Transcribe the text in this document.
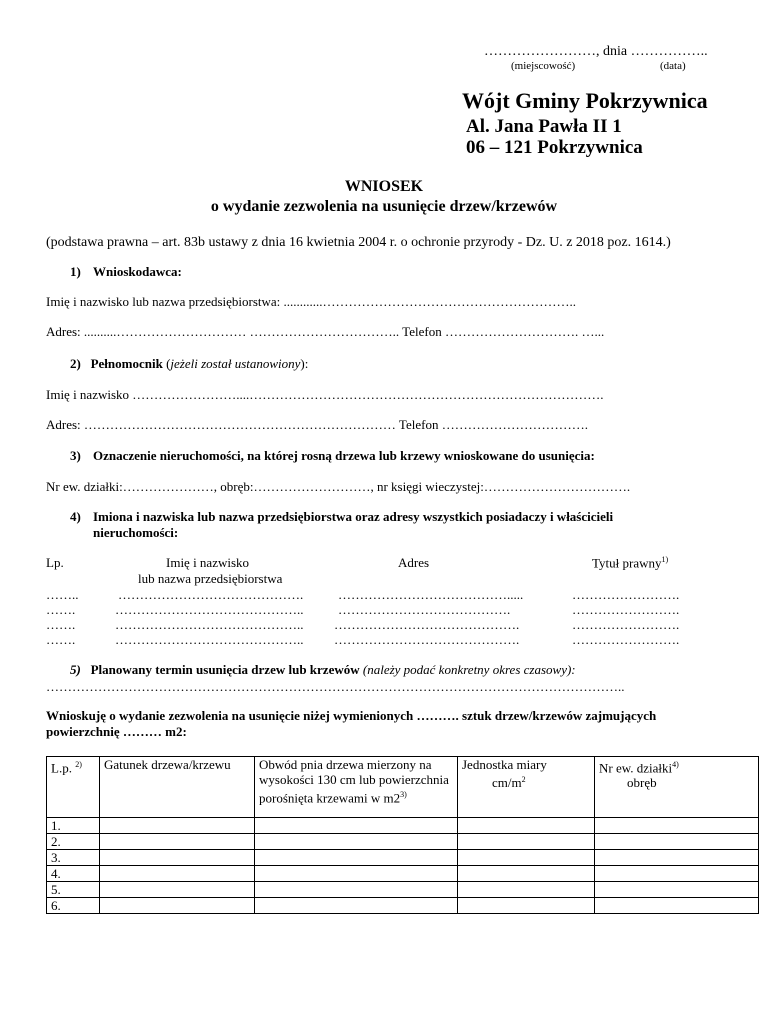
……………………, dnia ……………..
(miejscowość)	(data)
Wójt Gminy Pokrzywnica
Al. Jana Pawła II 1
06 – 121 Pokrzywnica
WNIOSEK
o wydanie zezwolenia na usunięcie drzew/krzewów
(podstawa prawna – art. 83b ustawy z dnia 16 kwietnia 2004 r. o ochronie przyrody - Dz. U. z 2018 poz. 1614.)
1) Wnioskodawca:
Imię i nazwisko lub nazwa przedsiębiorstwa: ............…………………………………………………..
Adres: ..........………………………… …………………………….. Telefon …………………………. …...
2) Pełnomocnik (jeżeli został ustanowiony):
Imię i nazwisko ……………………....……………………………………………………………………….
Adres: ……………………………………………………………… Telefon …………………………….
3) Oznaczenie nieruchomości, na której rosną drzewa lub krzewy wnioskowane do usunięcia:
Nr ew. działki:…………………, obręb:………………………, nr księgi wieczystej:…………………………….
4) Imiona i nazwiska lub nazwa przedsiębiorstwa oraz adresy wszystkich posiadaczy i właścicieli
nieruchomości:
Lp.	Imię i nazwisko
lub nazwa przedsiębiorstwa
Adres	Tytuł prawny$^{1)}$
……..	…………………………………….	………………………………….....	…………………….
…….	……………………………………..	………………………………….	…………………….
…….	…………………………………….. …………………………………….	…………………….
…….	…………………………………….. …………………………………….	…………………….
5) Planowany termin usunięcia drzew lub krzewów (należy podać konkretny okres czasowy):
……………………………………………………………………………………………………………………..
Wnioskuję o wydanie zezwolenia na usunięcie niżej wymienionych ………. sztuk drzew/krzewów zajmujących
powierzchnię ……… m2:
L.p. $^{2)}$	Gatunek drzewa/krzewu	Obwód pnia drzewa mierzony na wysokości 130 cm lub powierzchnia porośnięta krzewami w m2$^{3)}$	Jednostka miary
$cm/m^2$	Nr ew. działki$^{4)}$
obręb
1.				
2.				
3.				
4.				
5.				
6.				
